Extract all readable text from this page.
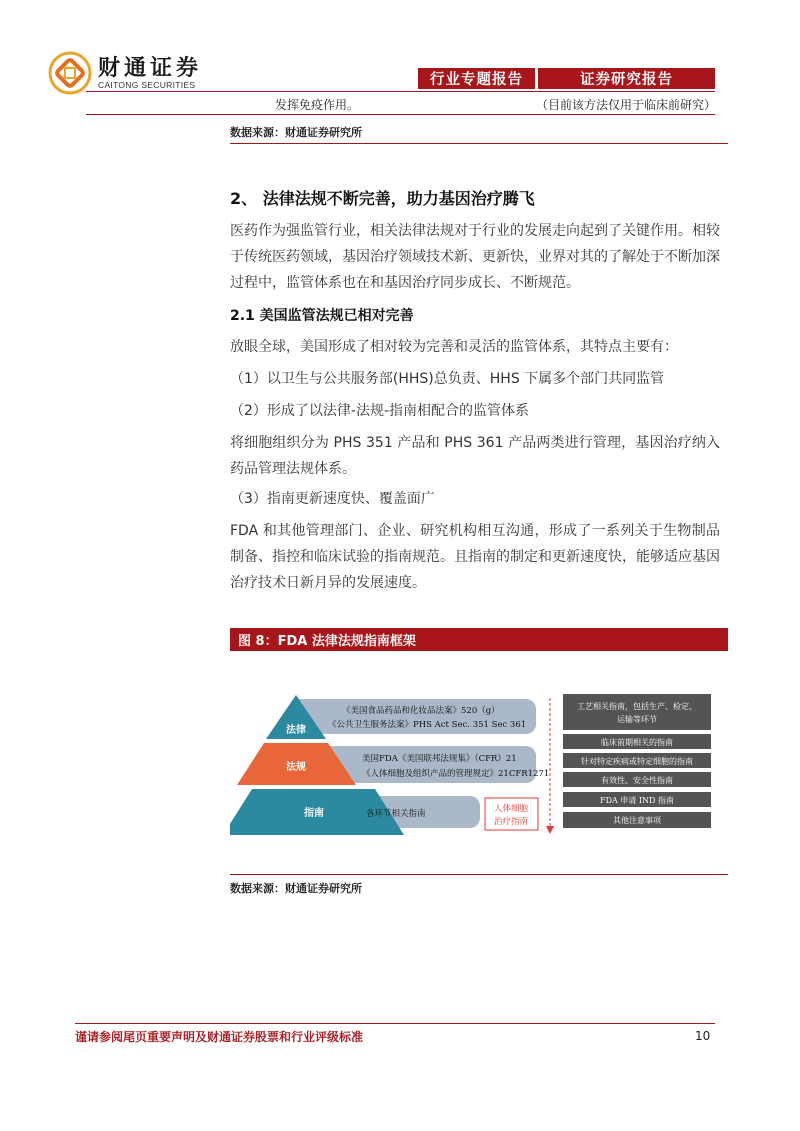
财通证券
CAITONG SECURITIES	行业专题报告	证券研究报告
发挥免疫作用。	（目前该方法仅用于临床前研究）
数据来源：财通证券研究所
2、 法律法规不断完善，助力基因治疗腾飞
医药作为强监管行业，相关法律法规对于行业的发展走向起到了关键作用。相较于传统医药领域，基因治疗领域技术新、更新快，业界对其的了解处于不断加深过程中，监管体系也在和基因治疗同步成长、不断规范。
2.1 美国监管法规已相对完善
放眼全球，美国形成了相对较为完善和灵活的监管体系，其特点主要有：
（1）以卫生与公共服务部(HHS)总负责、HHS 下属多个部门共同监管
（2）形成了以法律-法规-指南相配合的监管体系
将细胞组织分为 PHS 351 产品和 PHS 361 产品两类进行管理，基因治疗纳入药品管理法规体系。
（3）指南更新速度快、覆盖面广
FDA 和其他管理部门、企业、研究机构相互沟通，形成了一系列关于生物制品制备、指控和临床试验的指南规范。且指南的制定和更新速度快，能够适应基因治疗技术日新月异的发展速度。
图 8：FDA 法律法规指南框架
法律
法规
指南
《美国食品药品和化妆品法案》520（g）
《公共卫生服务法案》PHS Act Sec. 351 Sec 361
美国FDA《美国联邦法规集》（CFR）21
《人体细胞及组织产品的管理规定》21CFR1271
各环节相关指南	人体细胞
治疗指南
工艺相关指南，包括生产、检定、
运输等环节
临床前期相关的指南
针对特定疾病或特定细胞的指南
有效性、安全性指南
FDA 申请 IND 指南
其他注意事项
数据来源：财通证券研究所
谨请参阅尾页重要声明及财通证券股票和行业评级标准	10
